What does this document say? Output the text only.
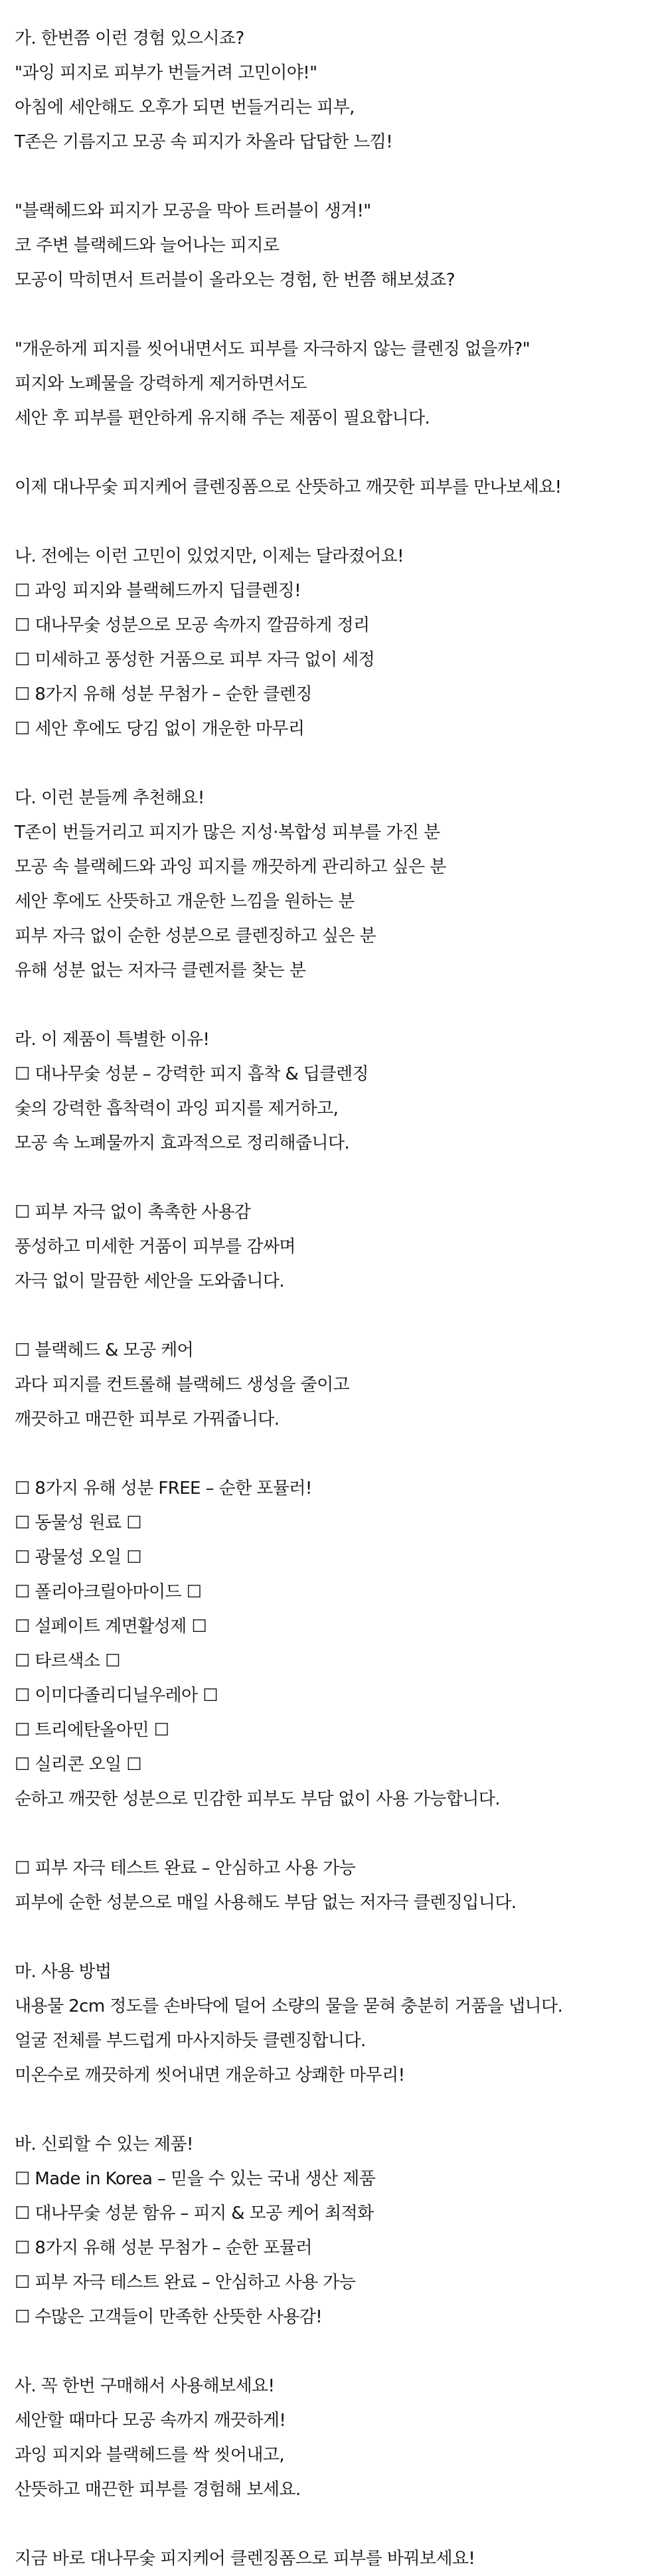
가. 한번쯤 이런 경험 있으시죠?
"과잉 피지로 피부가 번들거려 고민이야!"
아침에 세안해도 오후가 되면 번들거리는 피부,
T존은 기름지고 모공 속 피지가 차올라 답답한 느낌!
"블랙헤드와 피지가 모공을 막아 트러블이 생겨!"
코 주변 블랙헤드와 늘어나는 피지로
모공이 막히면서 트러블이 올라오는 경험, 한 번쯤 해보셨죠?
"개운하게 피지를 씻어내면서도 피부를 자극하지 않는 클렌징 없을까?"
피지와 노폐물을 강력하게 제거하면서도
세안 후 피부를 편안하게 유지해 주는 제품이 필요합니다.
이제 대나무숯 피지케어 클렌징폼으로 산뜻하고 깨끗한 피부를 만나보세요!
나. 전에는 이런 고민이 있었지만, 이제는 달라졌어요!
☐ 과잉 피지와 블랙헤드까지 딥클렌징!
☐ 대나무숯 성분으로 모공 속까지 깔끔하게 정리
☐ 미세하고 풍성한 거품으로 피부 자극 없이 세정
☐ 8가지 유해 성분 무첨가 – 순한 클렌징
☐ 세안 후에도 당김 없이 개운한 마무리
다. 이런 분들께 추천해요!
T존이 번들거리고 피지가 많은 지성·복합성 피부를 가진 분
모공 속 블랙헤드와 과잉 피지를 깨끗하게 관리하고 싶은 분
세안 후에도 산뜻하고 개운한 느낌을 원하는 분
피부 자극 없이 순한 성분으로 클렌징하고 싶은 분
유해 성분 없는 저자극 클렌저를 찾는 분
라. 이 제품이 특별한 이유!
☐ 대나무숯 성분 – 강력한 피지 흡착 & 딥클렌징
숯의 강력한 흡착력이 과잉 피지를 제거하고,
모공 속 노폐물까지 효과적으로 정리해줍니다.
☐ 피부 자극 없이 촉촉한 사용감
풍성하고 미세한 거품이 피부를 감싸며
자극 없이 말끔한 세안을 도와줍니다.
☐ 블랙헤드 & 모공 케어
과다 피지를 컨트롤해 블랙헤드 생성을 줄이고
깨끗하고 매끈한 피부로 가꿔줍니다.
☐ 8가지 유해 성분 FREE – 순한 포뮬러!
☐ 동물성 원료 ☐
☐ 광물성 오일 ☐
☐ 폴리아크릴아마이드 ☐
☐ 설페이트 계면활성제 ☐
☐ 타르색소 ☐
☐ 이미다졸리디닐우레아 ☐
☐ 트리에탄올아민 ☐
☐ 실리콘 오일 ☐
순하고 깨끗한 성분으로 민감한 피부도 부담 없이 사용 가능합니다.
☐ 피부 자극 테스트 완료 – 안심하고 사용 가능
피부에 순한 성분으로 매일 사용해도 부담 없는 저자극 클렌징입니다.
마. 사용 방법
내용물 2cm 정도를 손바닥에 덜어 소량의 물을 묻혀 충분히 거품을 냅니다.
얼굴 전체를 부드럽게 마사지하듯 클렌징합니다.
미온수로 깨끗하게 씻어내면 개운하고 상쾌한 마무리!
바. 신뢰할 수 있는 제품!
☐ Made in Korea – 믿을 수 있는 국내 생산 제품
☐ 대나무숯 성분 함유 – 피지 & 모공 케어 최적화
☐ 8가지 유해 성분 무첨가 – 순한 포뮬러
☐ 피부 자극 테스트 완료 – 안심하고 사용 가능
☐ 수많은 고객들이 만족한 산뜻한 사용감!
사. 꼭 한번 구매해서 사용해보세요!
세안할 때마다 모공 속까지 깨끗하게!
과잉 피지와 블랙헤드를 싹 씻어내고,
산뜻하고 매끈한 피부를 경험해 보세요.
지금 바로 대나무숯 피지케어 클렌징폼으로 피부를 바꿔보세요!
